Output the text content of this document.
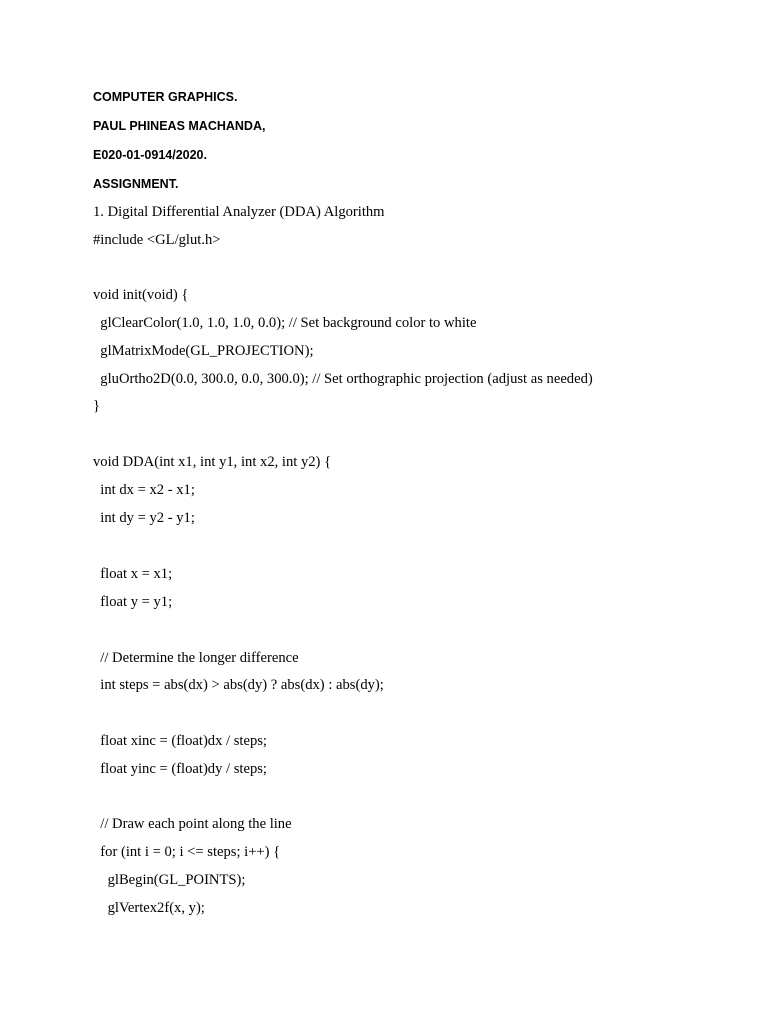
COMPUTER GRAPHICS.
PAUL PHINEAS MACHANDA,
E020-01-0914/2020.
ASSIGNMENT.
1. Digital Differential Analyzer (DDA) Algorithm
#include <GL/glut.h>
void init(void) {
glClearColor(1.0, 1.0, 1.0, 0.0); // Set background color to white
glMatrixMode(GL_PROJECTION);
gluOrtho2D(0.0, 300.0, 0.0, 300.0); // Set orthographic projection (adjust as needed)
}
void DDA(int x1, int y1, int x2, int y2) {
int dx = x2 - x1;
int dy = y2 - y1;
float x = x1;
float y = y1;
// Determine the longer difference
int steps = abs(dx) > abs(dy) ? abs(dx) : abs(dy);
float xinc = (float)dx / steps;
float yinc = (float)dy / steps;
// Draw each point along the line
for (int i = 0; i <= steps; i++) {
glBegin(GL_POINTS);
glVertex2f(x, y);
